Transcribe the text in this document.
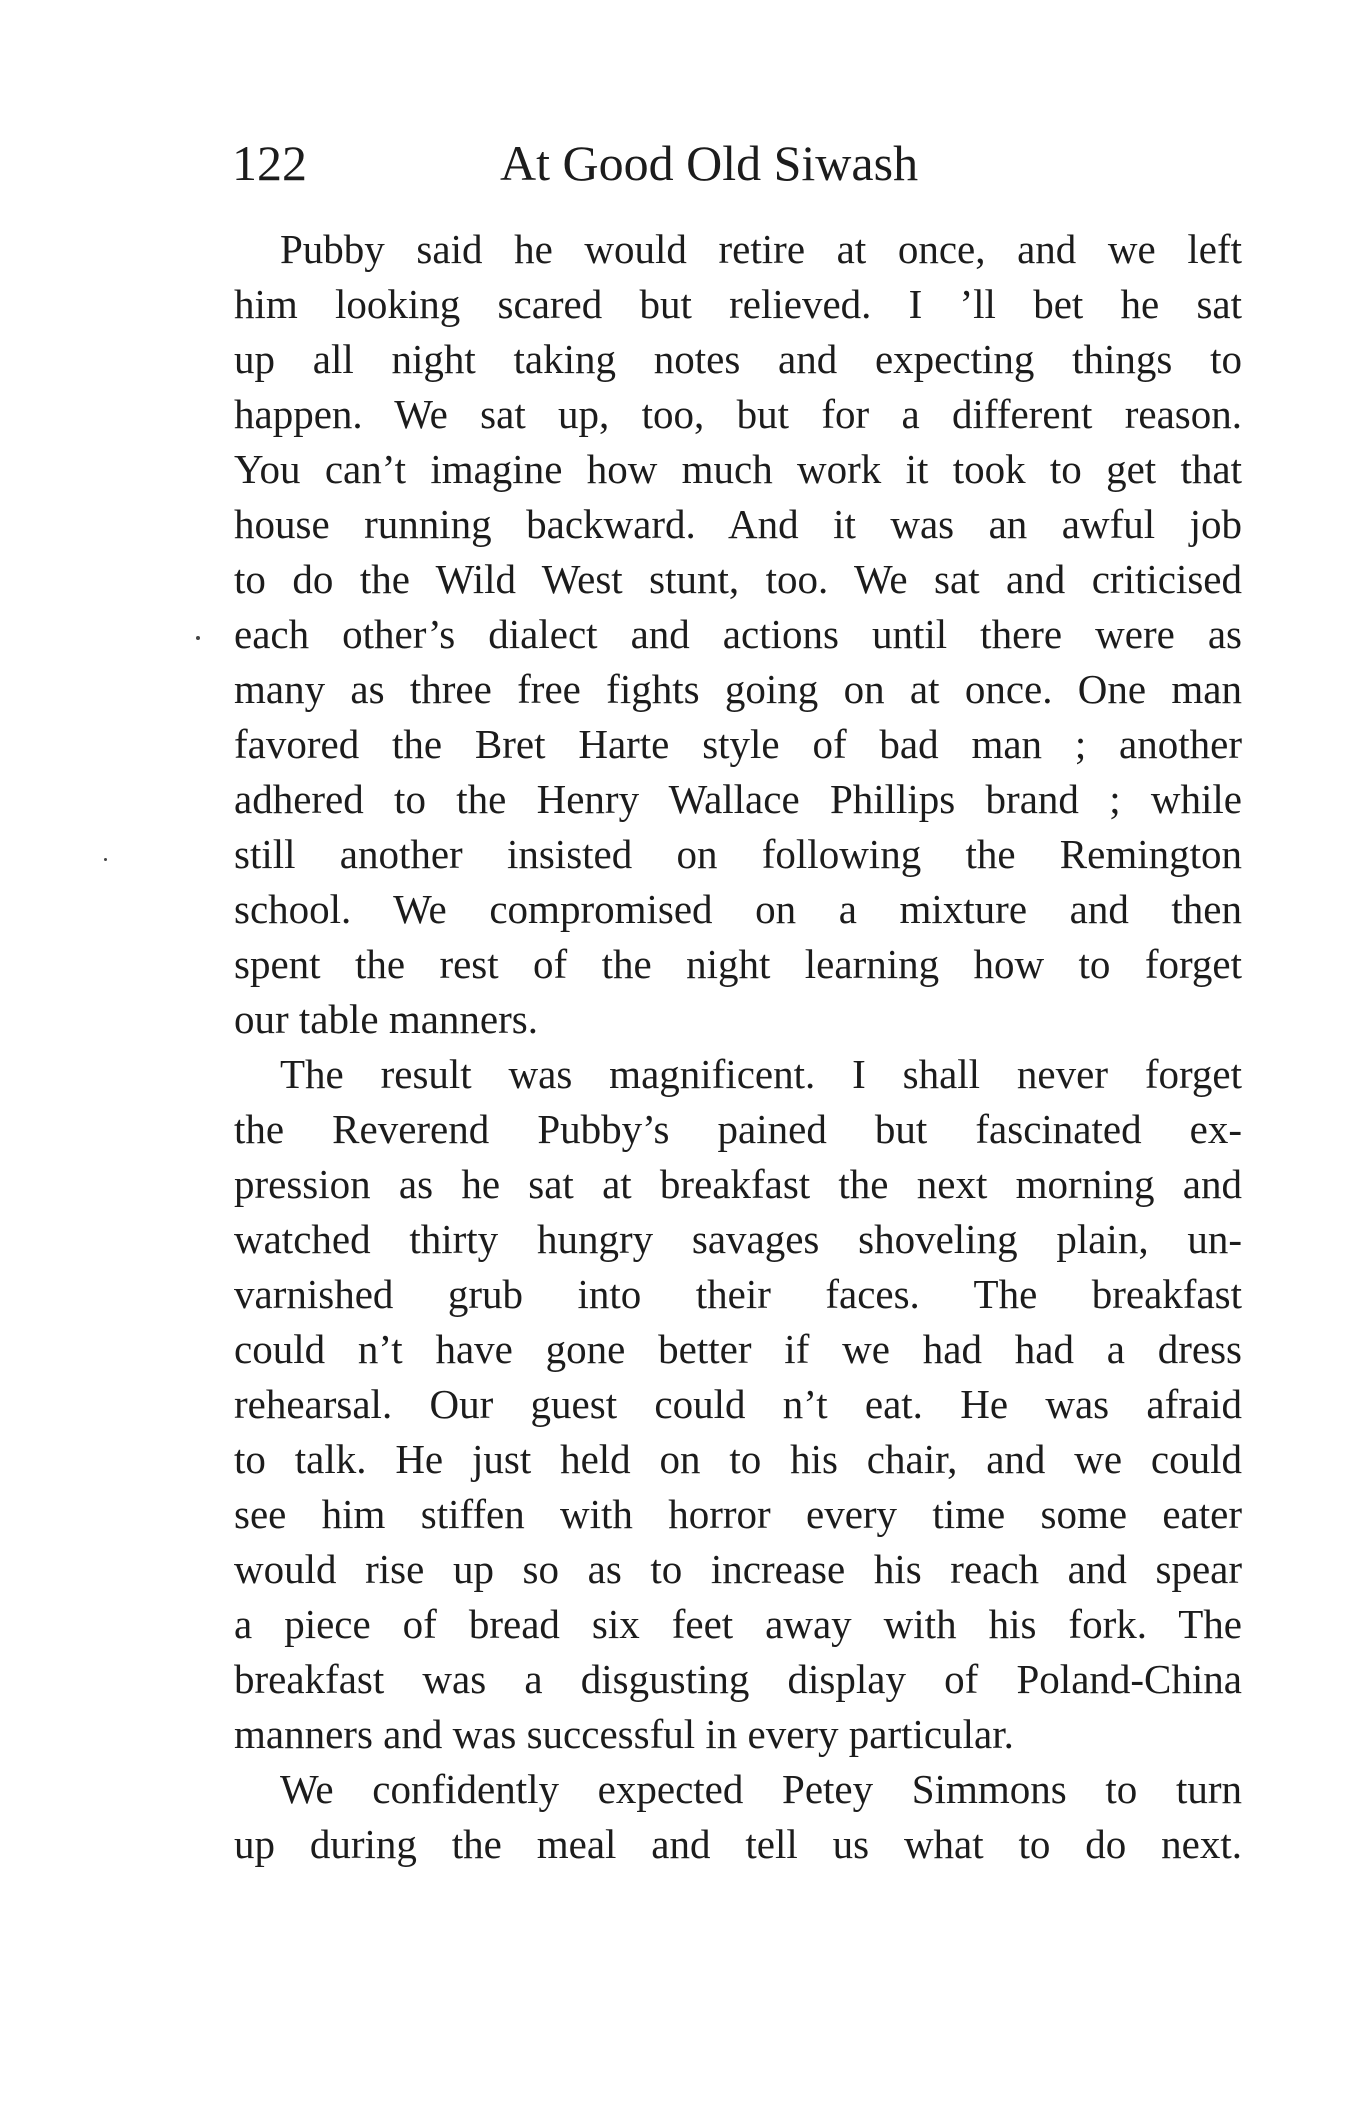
122	At Good Old Siwash
Pubby said he would retire at once, and we left
him looking scared but relieved. I ’ll bet he sat
up all night taking notes and expecting things to
happen. We sat up, too, but for a different reason.
You can’t imagine how much work it took to get that
house running backward. And it was an awful job
to do the Wild West stunt, too. We sat and criticised
each other’s dialect and actions until there were as
many as three free fights going on at once. One man
favored the Bret Harte style of bad man ; another
adhered to the Henry Wallace Phillips brand ; while
still another insisted on following the Remington
school. We compromised on a mixture and then
spent the rest of the night learning how to forget
our table manners.
The result was magnificent. I shall never forget
the Reverend Pubby’s pained but fascinated ex-
pression as he sat at breakfast the next morning and
watched thirty hungry savages shoveling plain, un-
varnished grub into their faces. The breakfast
could n’t have gone better if we had had a dress
rehearsal. Our guest could n’t eat. He was afraid
to talk. He just held on to his chair, and we could
see him stiffen with horror every time some eater
would rise up so as to increase his reach and spear
a piece of bread six feet away with his fork. The
breakfast was a disgusting display of Poland-China
manners and was successful in every particular.
We confidently expected Petey Simmons to turn
up during the meal and tell us what to do next.
